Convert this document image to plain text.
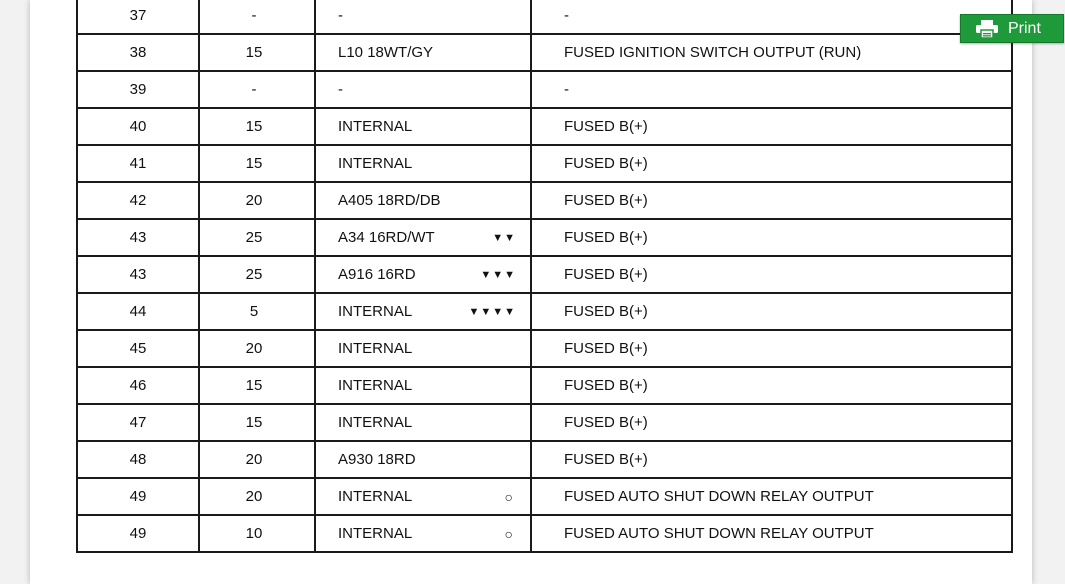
37	-	-	-
38	15	L10 18WT/GY	FUSED IGNITION SWITCH OUTPUT (RUN)
39	-	-	-
40	15	INTERNAL	FUSED B(+)
41	15	INTERNAL	FUSED B(+)
42	20	A405 18RD/DB	FUSED B(+)
43	25	A34 16RD/WT ▼▼	FUSED B(+)
43	25	A916 16RD ▼▼▼	FUSED B(+)
44	5	INTERNAL ▼▼▼▼	FUSED B(+)
45	20	INTERNAL	FUSED B(+)
46	15	INTERNAL	FUSED B(+)
47	15	INTERNAL	FUSED B(+)
48	20	A930 18RD	FUSED B(+)
49	20	INTERNAL ○	FUSED AUTO SHUT DOWN RELAY OUTPUT
49	10	INTERNAL ○	FUSED AUTO SHUT DOWN RELAY OUTPUT
Print
